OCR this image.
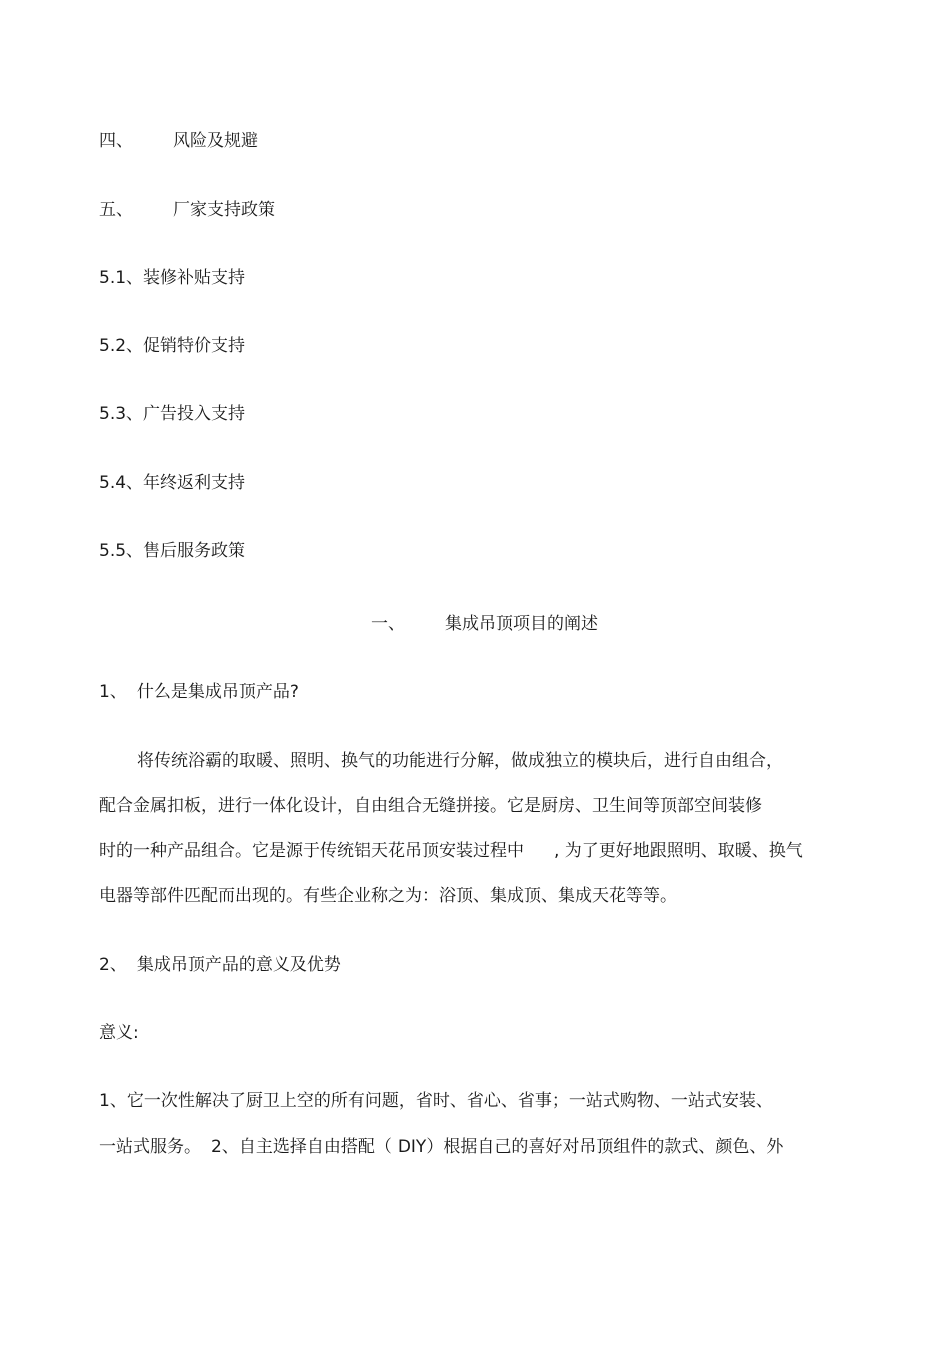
四、 风险及规避
五、 厂家支持政策
5.1、装修补贴支持
5.2、促销特价支持
5.3、广告投入支持
5.4、年终返利支持
5.5、售后服务政策
一、 集成吊顶项目的阐述
1、 什么是集成吊顶产品?
将传统浴霸的取暖、照明、换气的功能进行分解，做成独立的模块后，进行自由组合，
配合金属扣板，进行一体化设计，自由组合无缝拼接。它是厨房、卫生间等顶部空间装修
时的一种产品组合。它是源于传统铝天花吊顶安装过程中 , 为了更好地跟照明、取暖、换气
电器等部件匹配而出现的。有些企业称之为：浴顶、集成顶、集成天花等等。
2、 集成吊顶产品的意义及优势
意义:
1、它一次性解决了厨卫上空的所有问题，省时、省心、省事；一站式购物、一站式安装、
一站式服务。 2、自主选择自由搭配（ DIY）根据自己的喜好对吊顶组件的款式、颜色、外
